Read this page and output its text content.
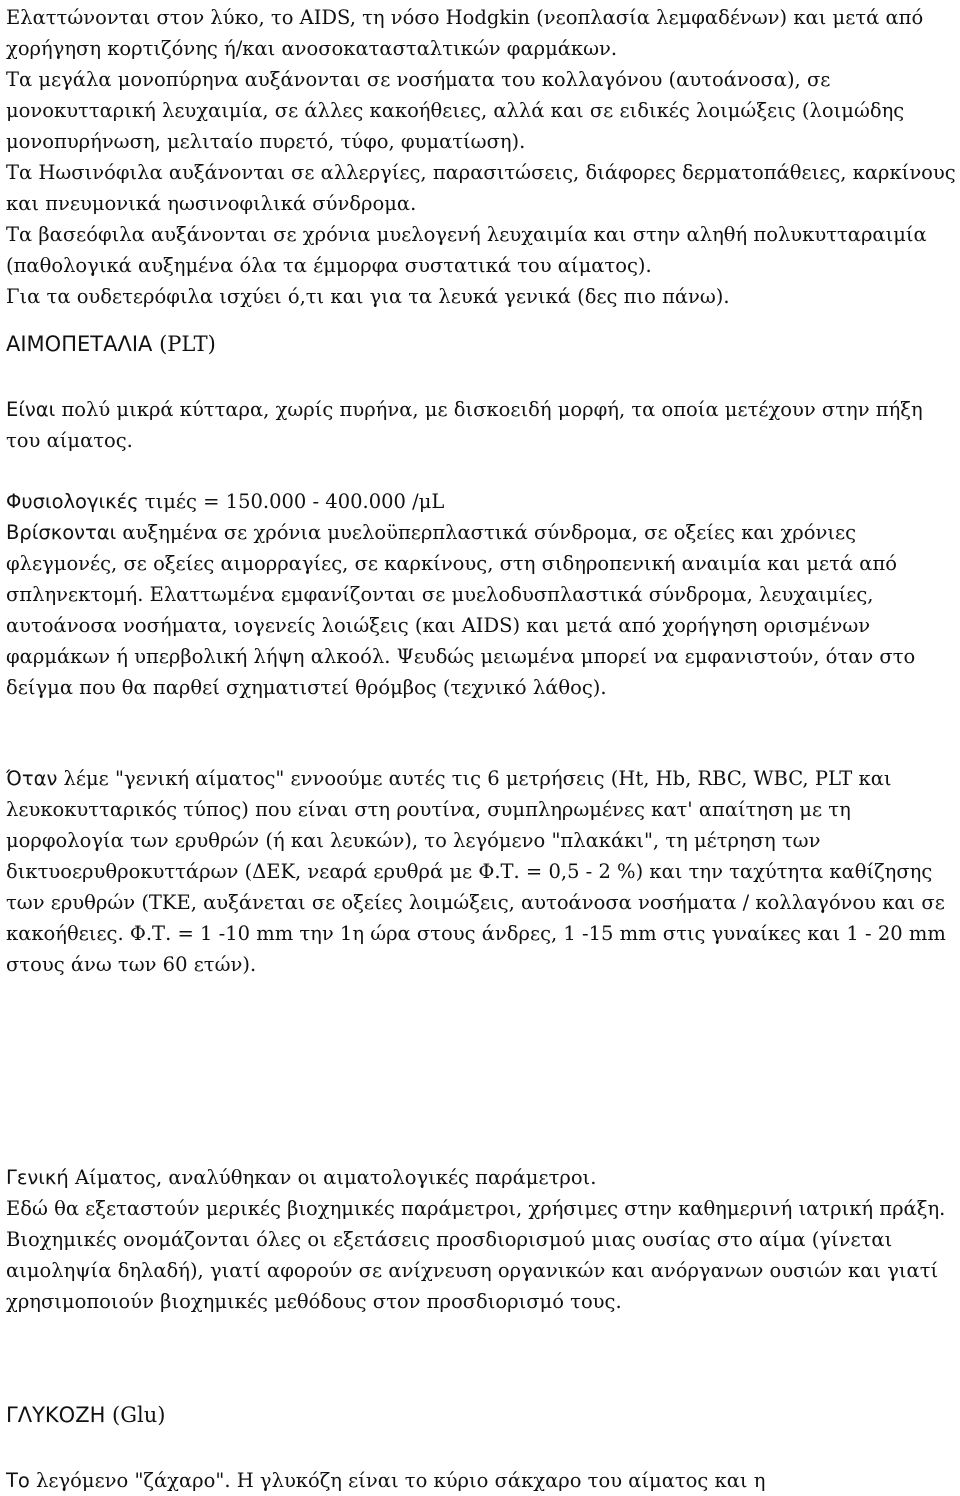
Ελαττώνονται στον λύκο, το AIDS, τη νόσο Hodgkin (νεοπλασία λεμφαδένων) και μετά από χορήγηση κορτιζόνης ή/και ανοσοκατασταλτικών φαρμάκων.
Τα μεγάλα μονοπύρηνα αυξάνονται σε νοσήματα του κολλαγόνου (αυτοάνοσα), σε μονοκυτταρική λευχαιμία, σε άλλες κακοήθειες, αλλά και σε ειδικές λοιμώξεις (λοιμώδης μονοπυρήνωση, μελιταίο πυρετό, τύφο, φυματίωση).
Τα Ηωσινόφιλα αυξάνονται σε αλλεργίες, παρασιτώσεις, διάφορες δερματοπάθειες, καρκίνους και πνευμονικά ηωσινοφιλικά σύνδρομα.
Τα βασεόφιλα αυξάνονται σε χρόνια μυελογενή λευχαιμία και στην αληθή πολυκυτταραιμία (παθολογικά αυξημένα όλα τα έμμορφα συστατικά του αίματος).
Για τα ουδετερόφιλα ισχύει ό,τι και για τα λευκά γενικά (δες πιο πάνω).

ΑΙΜΟΠΕΤΑΛΙΑ (PLT)

Είναι πολύ μικρά κύτταρα, χωρίς πυρήνα, με δισκοειδή μορφή, τα οποία μετέχουν στην πήξη του αίματος.

Φυσιολογικές τιμές = 150.000 - 400.000 /μL
Βρίσκονται αυξημένα σε χρόνια μυελοϋπερπλαστικά σύνδρομα, σε οξείες και χρόνιες φλεγμονές, σε οξείες αιμορραγίες, σε καρκίνους, στη σιδηροπενική αναιμία και μετά από σπληνεκτομή. Ελαττωμένα εμφανίζονται σε μυελοδυσπλαστικά σύνδρομα, λευχαιμίες, αυτοάνοσα νοσήματα, ιογενείς λοιώξεις (και AIDS) και μετά από χορήγηση ορισμένων φαρμάκων ή υπερβολική λήψη αλκοόλ. Ψευδώς μειωμένα μπορεί να εμφανιστούν, όταν στο δείγμα που θα παρθεί σχηματιστεί θρόμβος (τεχνικό λάθος).

Όταν λέμε "γενική αίματος" εννοούμε αυτές τις 6 μετρήσεις (Ht, Hb, RBC, WBC, PLT και λευκοκυτταρικός τύπος) που είναι στη ρουτίνα, συμπληρωμένες κατ' απαίτηση με τη μορφολογία των ερυθρών (ή και λευκών), το λεγόμενο "πλακάκι", τη μέτρηση των δικτυοερυθροκυττάρων (ΔΕΚ, νεαρά ερυθρά με Φ.Τ. = 0,5 - 2 %) και την ταχύτητα καθίζησης των ερυθρών (ΤΚΕ, αυξάνεται σε οξείες λοιμώξεις, αυτοάνοσα νοσήματα / κολλαγόνου και σε κακοήθειες. Φ.Τ. = 1 -10 mm την 1η ώρα στους άνδρες, 1 -15 mm στις γυναίκες και 1 - 20 mm στους άνω των 60 ετών).

Γενική Αίματος, αναλύθηκαν οι αιματολογικές παράμετροι.
Εδώ θα εξεταστούν μερικές βιοχημικές παράμετροι, χρήσιμες στην καθημερινή ιατρική πράξη.
Βιοχημικές ονομάζονται όλες οι εξετάσεις προσδιορισμού μιας ουσίας στο αίμα (γίνεται αιμοληψία δηλαδή), γιατί αφορούν σε ανίχνευση οργανικών και ανόργανων ουσιών και γιατί χρησιμοποιούν βιοχημικές μεθόδους στον προσδιορισμό τους.

ΓΛΥΚΟΖΗ (Glu)

Το λεγόμενο "ζάχαρο". Η γλυκόζη είναι το κύριο σάκχαρο του αίματος και η
